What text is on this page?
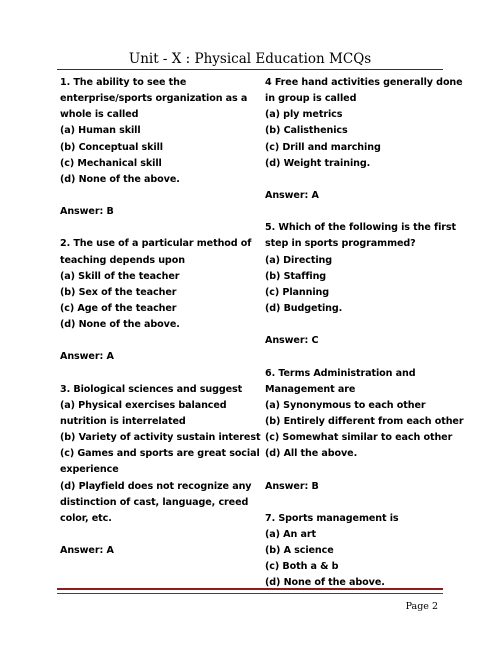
Unit - X : Physical Education MCQs
1. The ability to see the
enterprise/sports organization as a
whole is called
(a) Human skill
(b) Conceptual skill
(c) Mechanical skill
(d) None of the above.
Answer: B
2. The use of a particular method of
teaching depends upon
(a) Skill of the teacher
(b) Sex of the teacher
(c) Age of the teacher
(d) None of the above.
Answer: A
3. Biological sciences and suggest
(a) Physical exercises balanced
nutrition is interrelated
(b) Variety of activity sustain interest
(c) Games and sports are great social
experience
(d) Playfield does not recognize any
distinction of cast, language, creed
color, etc.
Answer: A
4 Free hand activities generally done
in group is called
(a) ply metrics
(b) Calisthenics
(c) Drill and marching
(d) Weight training.
Answer: A
5. Which of the following is the first
step in sports programmed?
(a) Directing
(b) Staffing
(c) Planning
(d) Budgeting.
Answer: C
6. Terms Administration and
Management are
(a) Synonymous to each other
(b) Entirely different from each other
(c) Somewhat similar to each other
(d) All the above.
Answer: B
7. Sports management is
(a) An art
(b) A science
(c) Both a & b
(d) None of the above.
Page 2
